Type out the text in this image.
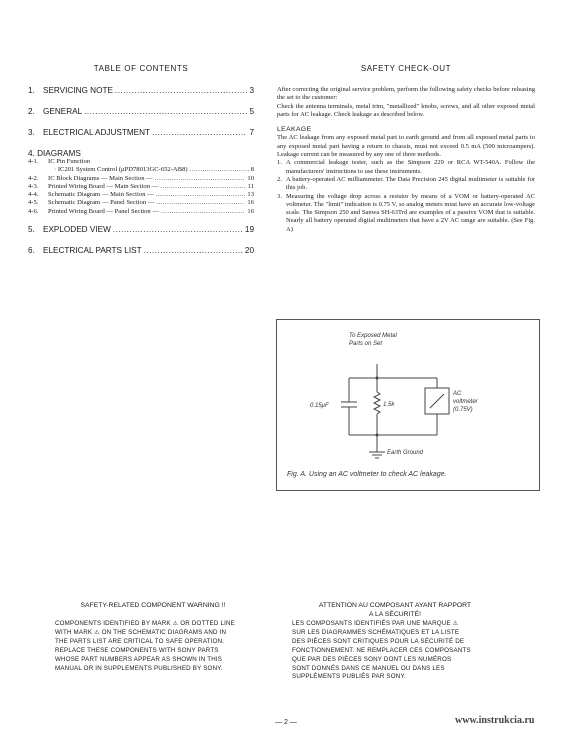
TABLE OF CONTENTS
1. SERVICING NOTE .....	3
2. GENERAL .....	5
3. ELECTRICAL ADJUSTMENT .....	7
4. DIAGRAMS
4-1.	IC Pin Function
· IC201 System Control (μPD78013GC-652-AB8) .....	8
4-2.	IC Block Diagrams — Main Section — .....	10
4-3.	Printed Wiring Board — Main Section — .....	11
4-4.	Schematic Diagram — Main Section — .....	13
4-5.	Schematic Diagram — Panel Section — .....	16
4-6.	Printed Wiring Board — Panel Section — .....	16
5. EXPLODED VIEW .....	19
6. ELECTRICAL PARTS LIST .....	20
SAFETY CHECK-OUT

After correcting the original service problem, perform the following safety checks before releasing the set to the customer:

Check the antenna terminals, metal trim, "metallized" knobs, screws, and all other exposed metal parts for AC leakage. Check leakage as described below.

LEAKAGE

The AC leakage from any exposed metal part to earth ground and from all exposed metal parts to any exposed metal part having a return to chassis, must not exceed 0.5 mA (500 microampers). Leakage current can be measured by any one of three methods.

1. A commercial leakage tester, such as the Simpson 229 or RCA WT-540A. Follow the manufacturers' instructions to use these instruments.
2. A battery-operated AC milliammeter. The Data Precision 245 digital multimeter is suitable for this job.
3. Measuring the voltage drop across a resistor by means of a VOM or battery-operated AC voltmeter. The "limit" indication is 0.75 V, so analog meters must have an accurate low-voltage scale. The Simpson 250 and Sanwa SH-63Trd are examples of a passive VOM that is suitable. Nearly all battery operated digital multimeters that have a 2V AC range are suitable. (See Fig. A)
To Exposed Metal
Parts on Set
0.15μF	1.5k
AC
voltmeter
(0.75V)
Earth Ground
Fig. A. Using an AC voltmeter to check AC leakage.
SAFETY-RELATED COMPONENT WARNING !!
COMPONENTS IDENTIFIED BY MARK ⚠ OR DOTTED LINE
WITH MARK ⚠ ON THE SCHEMATIC DIAGRAMS AND IN
THE PARTS LIST ARE CRITICAL TO SAFE OPERATION.
REPLACE THESE COMPONENTS WITH SONY PARTS
WHOSE PART NUMBERS APPEAR AS SHOWN IN THIS
MANUAL OR IN SUPPLEMENTS PUBLISHED BY SONY.
ATTENTION AU COMPOSANT AYANT RAPPORT
A LA SÉCURITÉ!
LES COMPOSANTS IDENTIFIÉS PAR UNE MARQUE ⚠
SUR LES DIAGRAMMES SCHÉMATIQUES ET LA LISTE
DES PIÈCES SONT CRITIQUES POUR LA SÉCURITÉ DE
FONCTIONNEMENT. NE REMPLACER CES COMPOSANTS
QUE PAR DES PIÈCES SONY DONT LES NUMÉROS
SONT DONNÉS DANS CE MANUEL OU DANS LES
SUPPLÉMENTS PUBLIÉS PAR SONY.
— 2 —	www.instrukcia.ru
